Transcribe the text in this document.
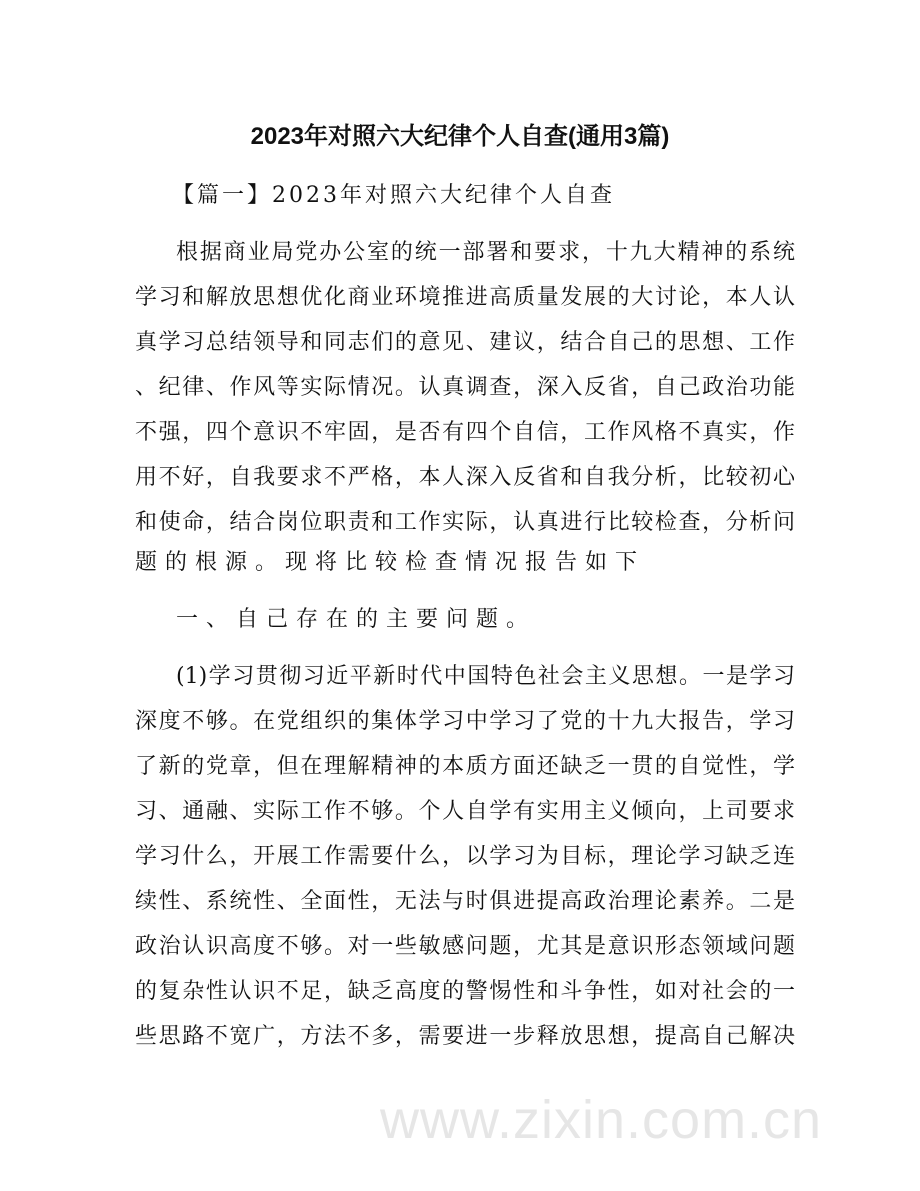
2023年对照六大纪律个人自查(通用3篇)
【篇一】2023年对照六大纪律个人自查
根据商业局党办公室的统一部署和要求，十九大精神的系统
学习和解放思想优化商业环境推进高质量发展的大讨论，本人认
真学习总结领导和同志们的意见、建议，结合自己的思想、工作
、纪律、作风等实际情况。认真调查，深入反省，自己政治功能
不强，四个意识不牢固，是否有四个自信，工作风格不真实，作
用不好，自我要求不严格，本人深入反省和自我分析，比较初心
和使命，结合岗位职责和工作实际，认真进行比较检查，分析问
题的根源。现将比较检查情况报告如下
一、自己存在的主要问题。
(1)学习贯彻习近平新时代中国特色社会主义思想。一是学习
深度不够。在党组织的集体学习中学习了党的十九大报告，学习
了新的党章，但在理解精神的本质方面还缺乏一贯的自觉性，学
习、通融、实际工作不够。个人自学有实用主义倾向，上司要求
学习什么，开展工作需要什么，以学习为目标，理论学习缺乏连
续性、系统性、全面性，无法与时俱进提高政治理论素养。二是
政治认识高度不够。对一些敏感问题，尤其是意识形态领域问题
的复杂性认识不足，缺乏高度的警惕性和斗争性，如对社会的一
些思路不宽广，方法不多，需要进一步释放思想，提高自己解决
www.zixin.com.cn
